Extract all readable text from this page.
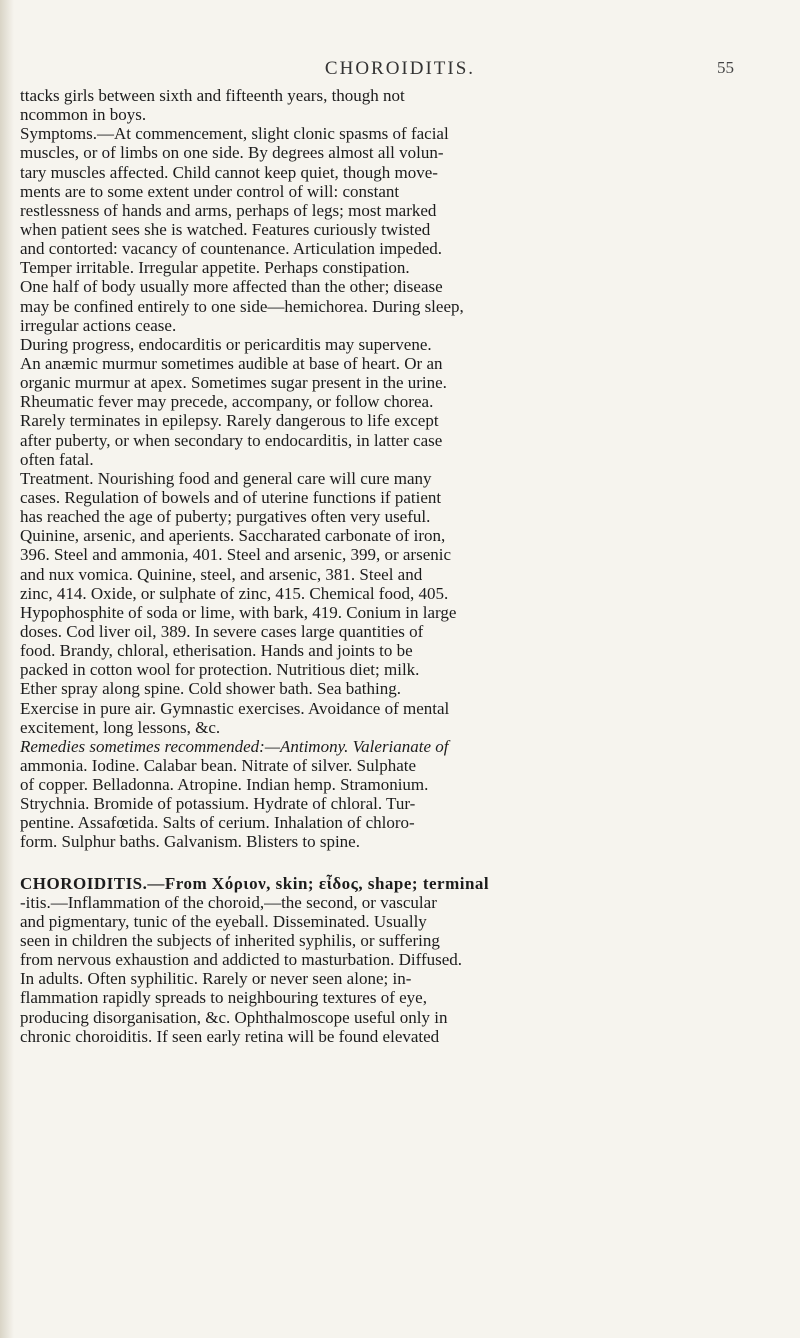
CHOROIDITIS.	55
ttacks girls between sixth and fifteenth years, though not
ncommon in boys.
Symptoms.—At commencement, slight clonic spasms of facial
muscles, or of limbs on one side. By degrees almost all volun-
tary muscles affected. Child cannot keep quiet, though move-
ments are to some extent under control of will: constant
restlessness of hands and arms, perhaps of legs; most marked
when patient sees she is watched. Features curiously twisted
and contorted: vacancy of countenance. Articulation impeded.
Temper irritable. Irregular appetite. Perhaps constipation.
One half of body usually more affected than the other; disease
may be confined entirely to one side—hemichorea. During sleep,
irregular actions cease.
During progress, endocarditis or pericarditis may supervene.
An anæmic murmur sometimes audible at base of heart. Or an
organic murmur at apex. Sometimes sugar present in the urine.
Rheumatic fever may precede, accompany, or follow chorea.
Rarely terminates in epilepsy. Rarely dangerous to life except
after puberty, or when secondary to endocarditis, in latter case
often fatal.
Treatment. Nourishing food and general care will cure many
cases. Regulation of bowels and of uterine functions if patient
has reached the age of puberty; purgatives often very useful.
Quinine, arsenic, and aperients. Saccharated carbonate of iron,
396. Steel and ammonia, 401. Steel and arsenic, 399, or arsenic
and nux vomica. Quinine, steel, and arsenic, 381. Steel and
zinc, 414. Oxide, or sulphate of zinc, 415. Chemical food, 405.
Hypophosphite of soda or lime, with bark, 419. Conium in large
doses. Cod liver oil, 389. In severe cases large quantities of
food. Brandy, chloral, etherisation. Hands and joints to be
packed in cotton wool for protection. Nutritious diet; milk.
Ether spray along spine. Cold shower bath. Sea bathing.
Exercise in pure air. Gymnastic exercises. Avoidance of mental
excitement, long lessons, &c.
Remedies sometimes recommended:—Antimony. Valerianate of
ammonia. Iodine. Calabar bean. Nitrate of silver. Sulphate
of copper. Belladonna. Atropine. Indian hemp. Stramonium.
Strychnia. Bromide of potassium. Hydrate of chloral. Tur-
pentine. Assafœtida. Salts of cerium. Inhalation of chloro-
form. Sulphur baths. Galvanism. Blisters to spine.
CHOROIDITIS.—From Χόριον, skin; εἶδος, shape; terminal
-itis.—Inflammation of the choroid,—the second, or vascular
and pigmentary, tunic of the eyeball. Disseminated. Usually
seen in children the subjects of inherited syphilis, or suffering
from nervous exhaustion and addicted to masturbation. Diffused.
In adults. Often syphilitic. Rarely or never seen alone; in-
flammation rapidly spreads to neighbouring textures of eye,
producing disorganisation, &c. Ophthalmoscope useful only in
chronic choroiditis. If seen early retina will be found elevated
